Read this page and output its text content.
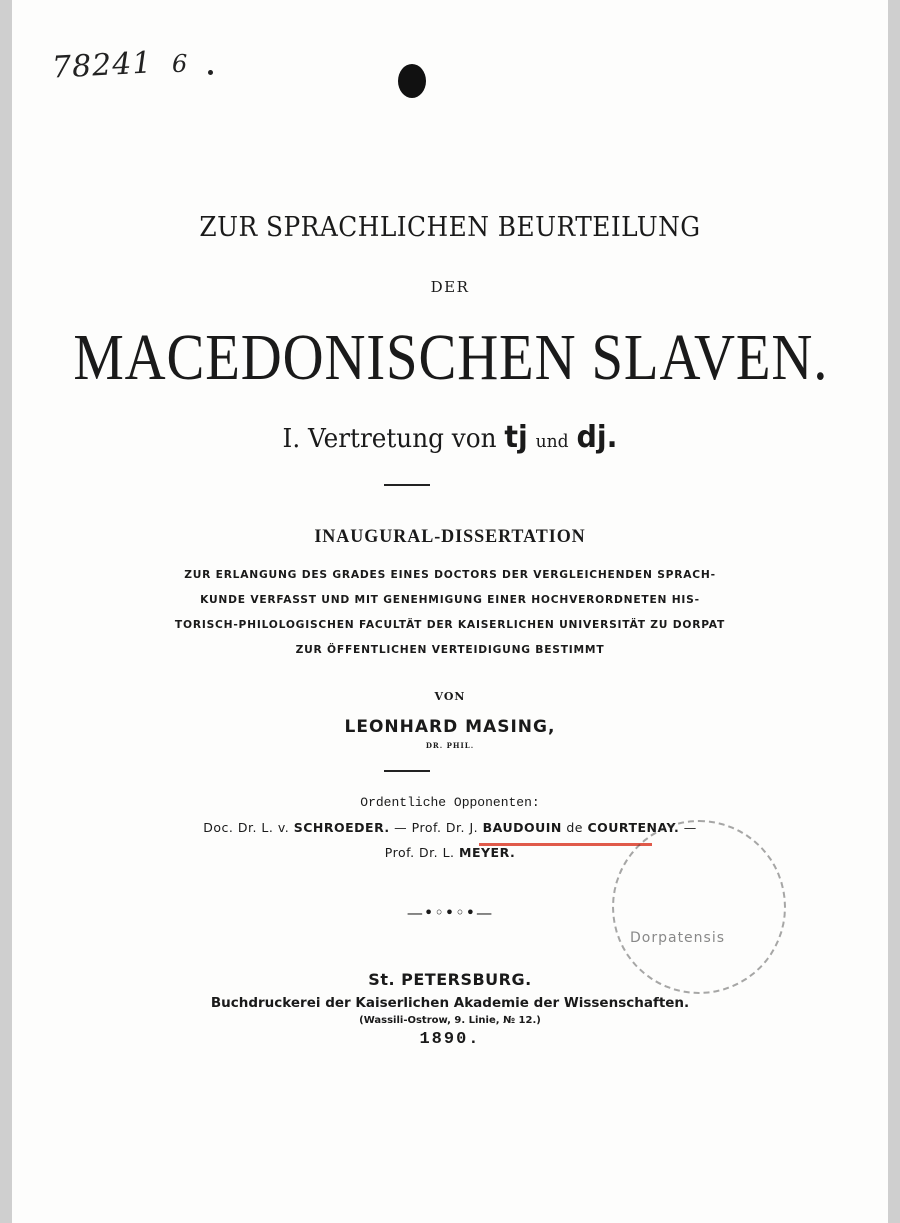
78241 6
ZUR SPRACHLICHEN BEURTEILUNG
DER
MACEDONISCHEN SLAVEN.
I. Vertretung von tj und dj.
INAUGURAL-DISSERTATION
ZUR ERLANGUNG DES GRADES EINES DOCTORS DER VERGLEICHENDEN SPRACH-
KUNDE VERFASST UND MIT GENEHMIGUNG EINER HOCHVERORDNETEN HIS-
TORISCH-PHILOLOGISCHEN FACULTÄT DER KAISERLICHEN UNIVERSITÄT ZU DORPAT
ZUR ÖFFENTLICHEN VERTEIDIGUNG BESTIMMT
VON
LEONHARD MASING,
DR. PHIL.
Ordentliche Opponenten:
Doc. Dr. L. v. SCHROEDER. — Prof. Dr. J. BAUDOUIN de COURTENAY. —
Prof. Dr. L. MEYER.
—•◦•◦•—
Dorpatensis
St. PETERSBURG.
Buchdruckerei der Kaiserlichen Akademie der Wissenschaften.
(Wassili-Ostrow, 9. Linie, № 12.)
1890.
